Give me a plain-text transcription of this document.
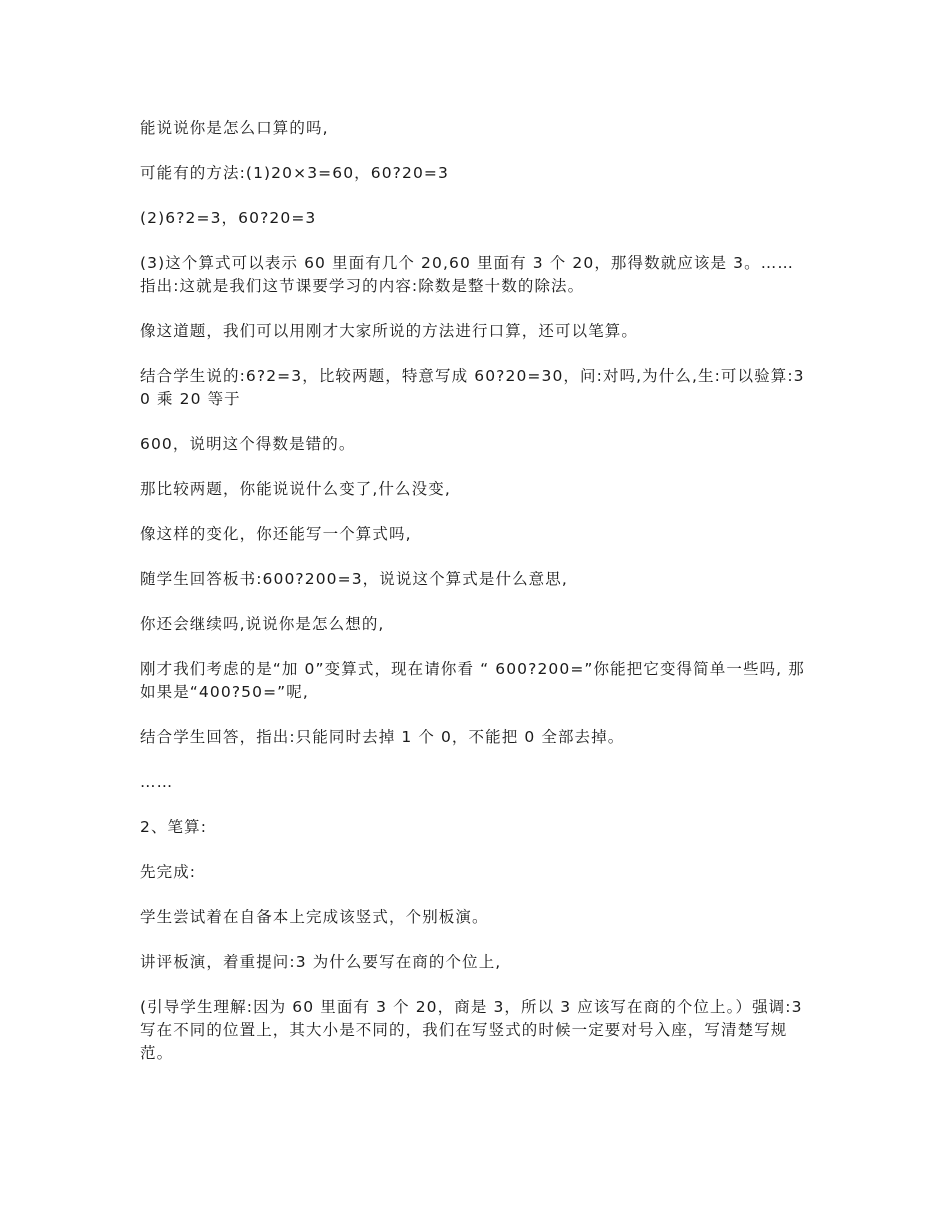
能说说你是怎么口算的吗,

可能有的方法:(1)20×3=60，60?20=3

(2)6?2=3，60?20=3

(3)这个算式可以表示 60 里面有几个 20,60 里面有 3 个 20，那得数就应该是 3。…… 指出:这就是我们这节课要学习的内容:除数是整十数的除法。

像这道题，我们可以用刚才大家所说的方法进行口算，还可以笔算。

结合学生说的:6?2=3，比较两题，特意写成 60?20=30，问:对吗,为什么,生:可以验算:30 乘 20 等于

600，说明这个得数是错的。

那比较两题，你能说说什么变了,什么没变,

像这样的变化，你还能写一个算式吗,

随学生回答板书:600?200=3，说说这个算式是什么意思,

你还会继续吗,说说你是怎么想的,

刚才我们考虑的是“加 0”变算式，现在请你看 “ 600?200=”你能把它变得简单一些吗, 那如果是“400?50=”呢,

结合学生回答，指出:只能同时去掉 1 个 0，不能把 0 全部去掉。

……

2、笔算:

先完成:

学生尝试着在自备本上完成该竖式，个别板演。

讲评板演，着重提问:3 为什么要写在商的个位上,

(引导学生理解:因为 60 里面有 3 个 20，商是 3，所以 3 应该写在商的个位上。）强调:3 写在不同的位置上，其大小是不同的，我们在写竖式的时候一定要对号入座，写清楚写规范。
